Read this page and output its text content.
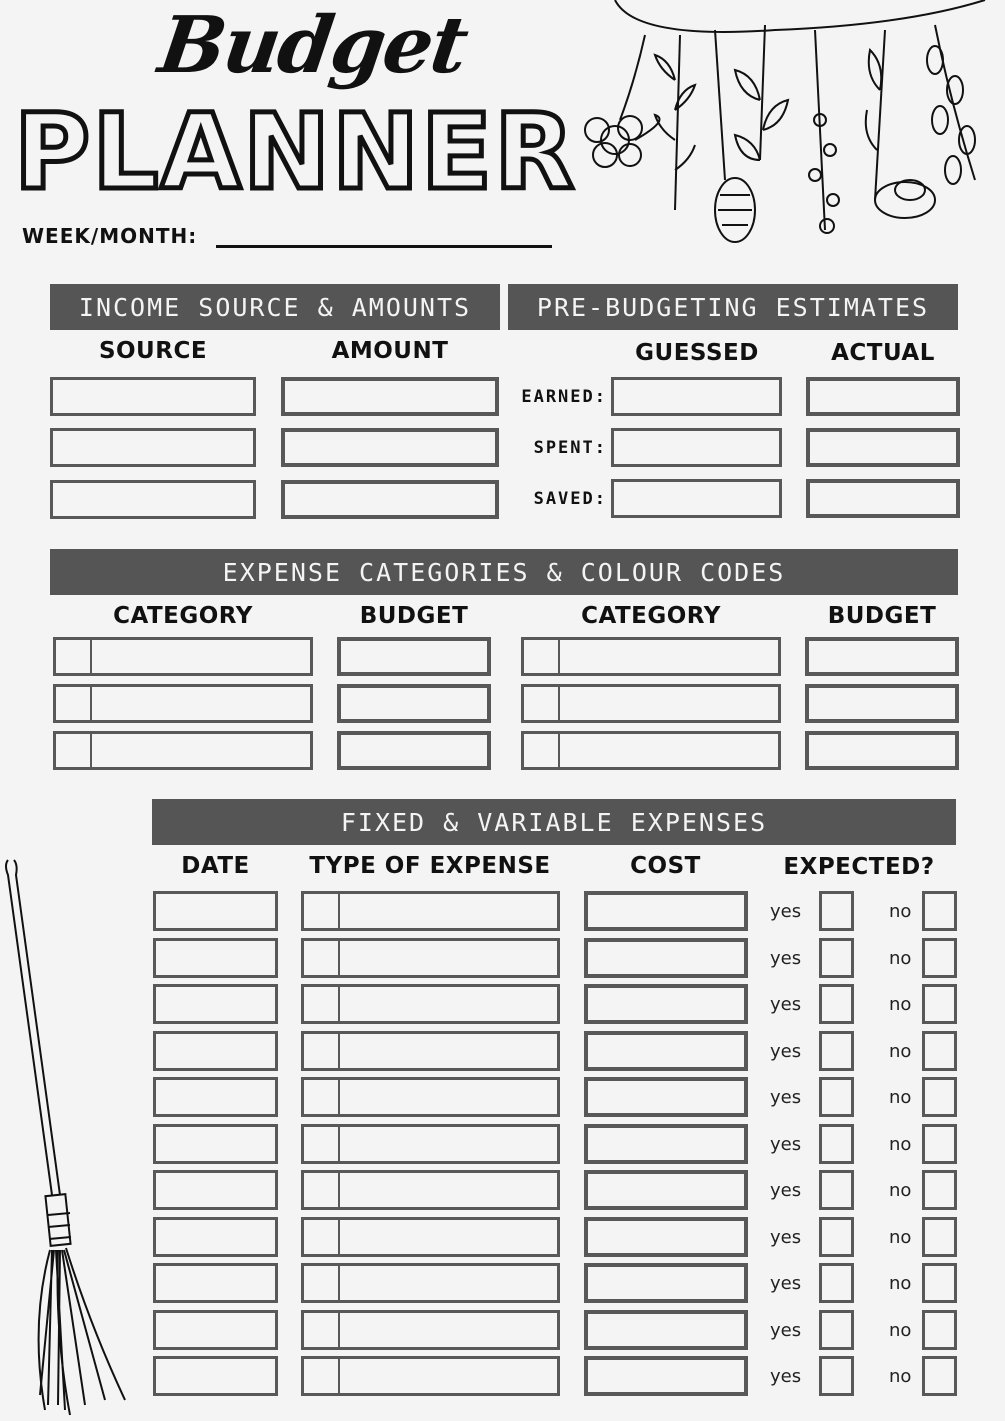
Budget
PLANNER
WEEK/MONTH:
INCOME SOURCE & AMOUNTS
SOURCE	AMOUNT
PRE-BUDGETING ESTIMATES
GUESSED	ACTUAL
EARNED:
SPENT:
SAVED:
EXPENSE CATEGORIES & COLOUR CODES
CATEGORY	BUDGET	CATEGORY	BUDGET
FIXED & VARIABLE EXPENSES
DATE	TYPE OF EXPENSE	COST	EXPECTED?
yes	no
yes	no
yes	no
yes	no
yes	no
yes	no
yes	no
yes	no
yes	no
yes	no
yes	no
